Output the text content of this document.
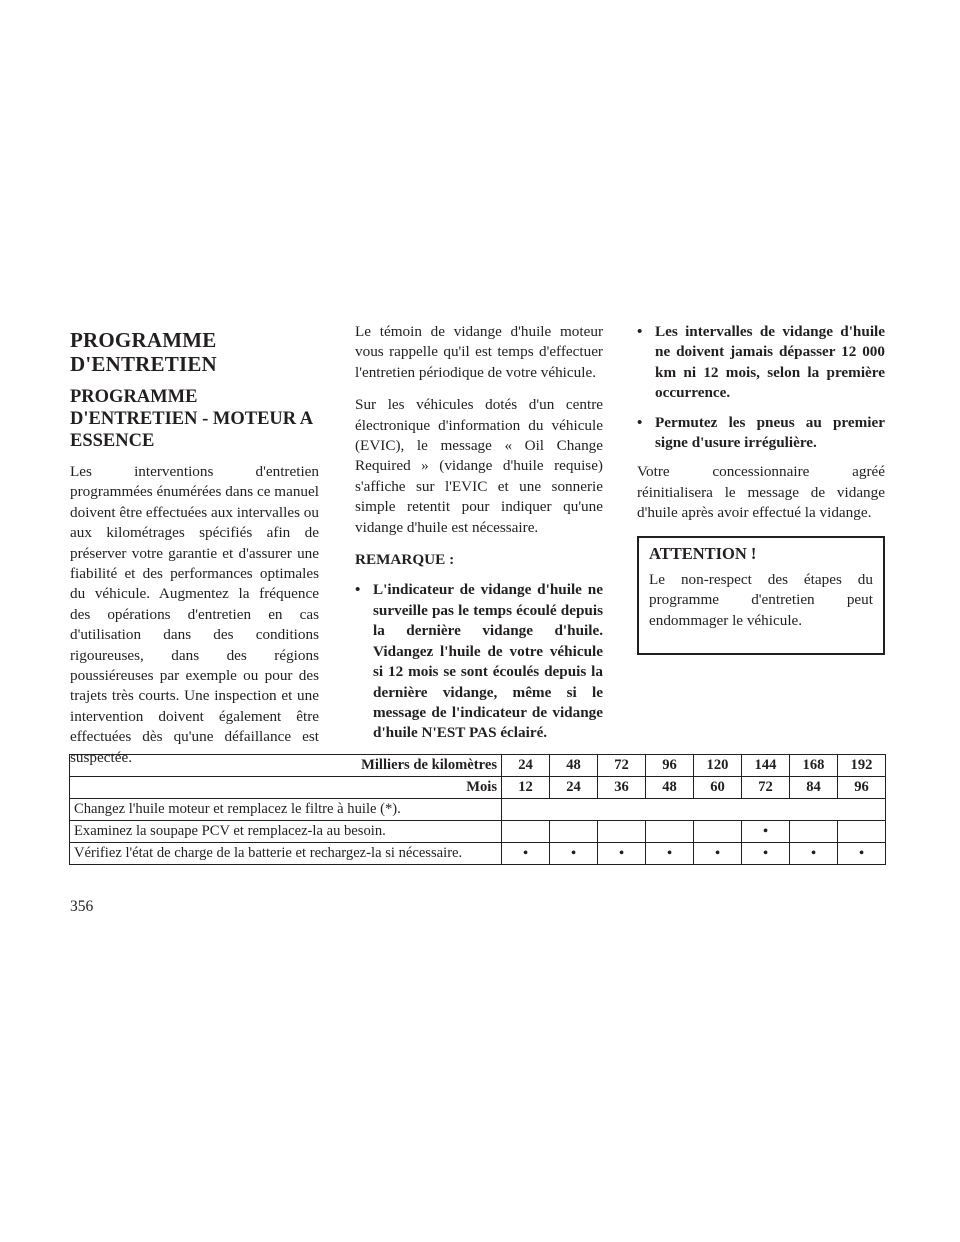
PROGRAMME D'ENTRETIEN
PROGRAMME D'ENTRETIEN - MOTEUR A ESSENCE

Les interventions d'entretien programmées énumérées dans ce manuel doivent être effectuées aux intervalles ou aux kilométrages spécifiés afin de préserver votre garantie et d'assurer une fiabilité et des performances optimales du véhicule. Augmentez la fréquence des opérations d'entretien en cas d'utilisation dans des conditions rigoureuses, dans des régions poussiéreuses par exemple ou pour des trajets très courts. Une inspection et une intervention doivent également être effectuées dès qu'une défaillance est suspectée.

Le témoin de vidange d'huile moteur vous rappelle qu'il est temps d'effectuer l'entretien périodique de votre véhicule.

Sur les véhicules dotés d'un centre électronique d'information du véhicule (EVIC), le message « Oil Change Required » (vidange d'huile requise) s'affiche sur l'EVIC et une sonnerie simple retentit pour indiquer qu'une vidange d'huile est nécessaire.

REMARQUE :
• L'indicateur de vidange d'huile ne surveille pas le temps écoulé depuis la dernière vidange d'huile. Vidangez l'huile de votre véhicule si 12 mois se sont écoulés depuis la dernière vidange, même si le message de l'indicateur de vidange d'huile N'EST PAS éclairé.
• Les intervalles de vidange d'huile ne doivent jamais dépasser 12 000 km ni 12 mois, selon la première occurrence.
• Permutez les pneus au premier signe d'usure irrégulière.

Votre concessionnaire agréé réinitialisera le message de vidange d'huile après avoir effectué la vidange.

ATTENTION !

Le non-respect des étapes du programme d'entretien peut endommager le véhicule.

Milliers de kilomètres	24	48	72	96	120	144	168	192
Mois	12	24	36	48	60	72	84	96
Changez l'huile moteur et remplacez le filtre à huile (*).								
Examinez la soupape PCV et remplacez-la au besoin.						•		
Vérifiez l'état de charge de la batterie et rechargez-la si nécessaire.	•	•	•	•	•	•	•	•
356
